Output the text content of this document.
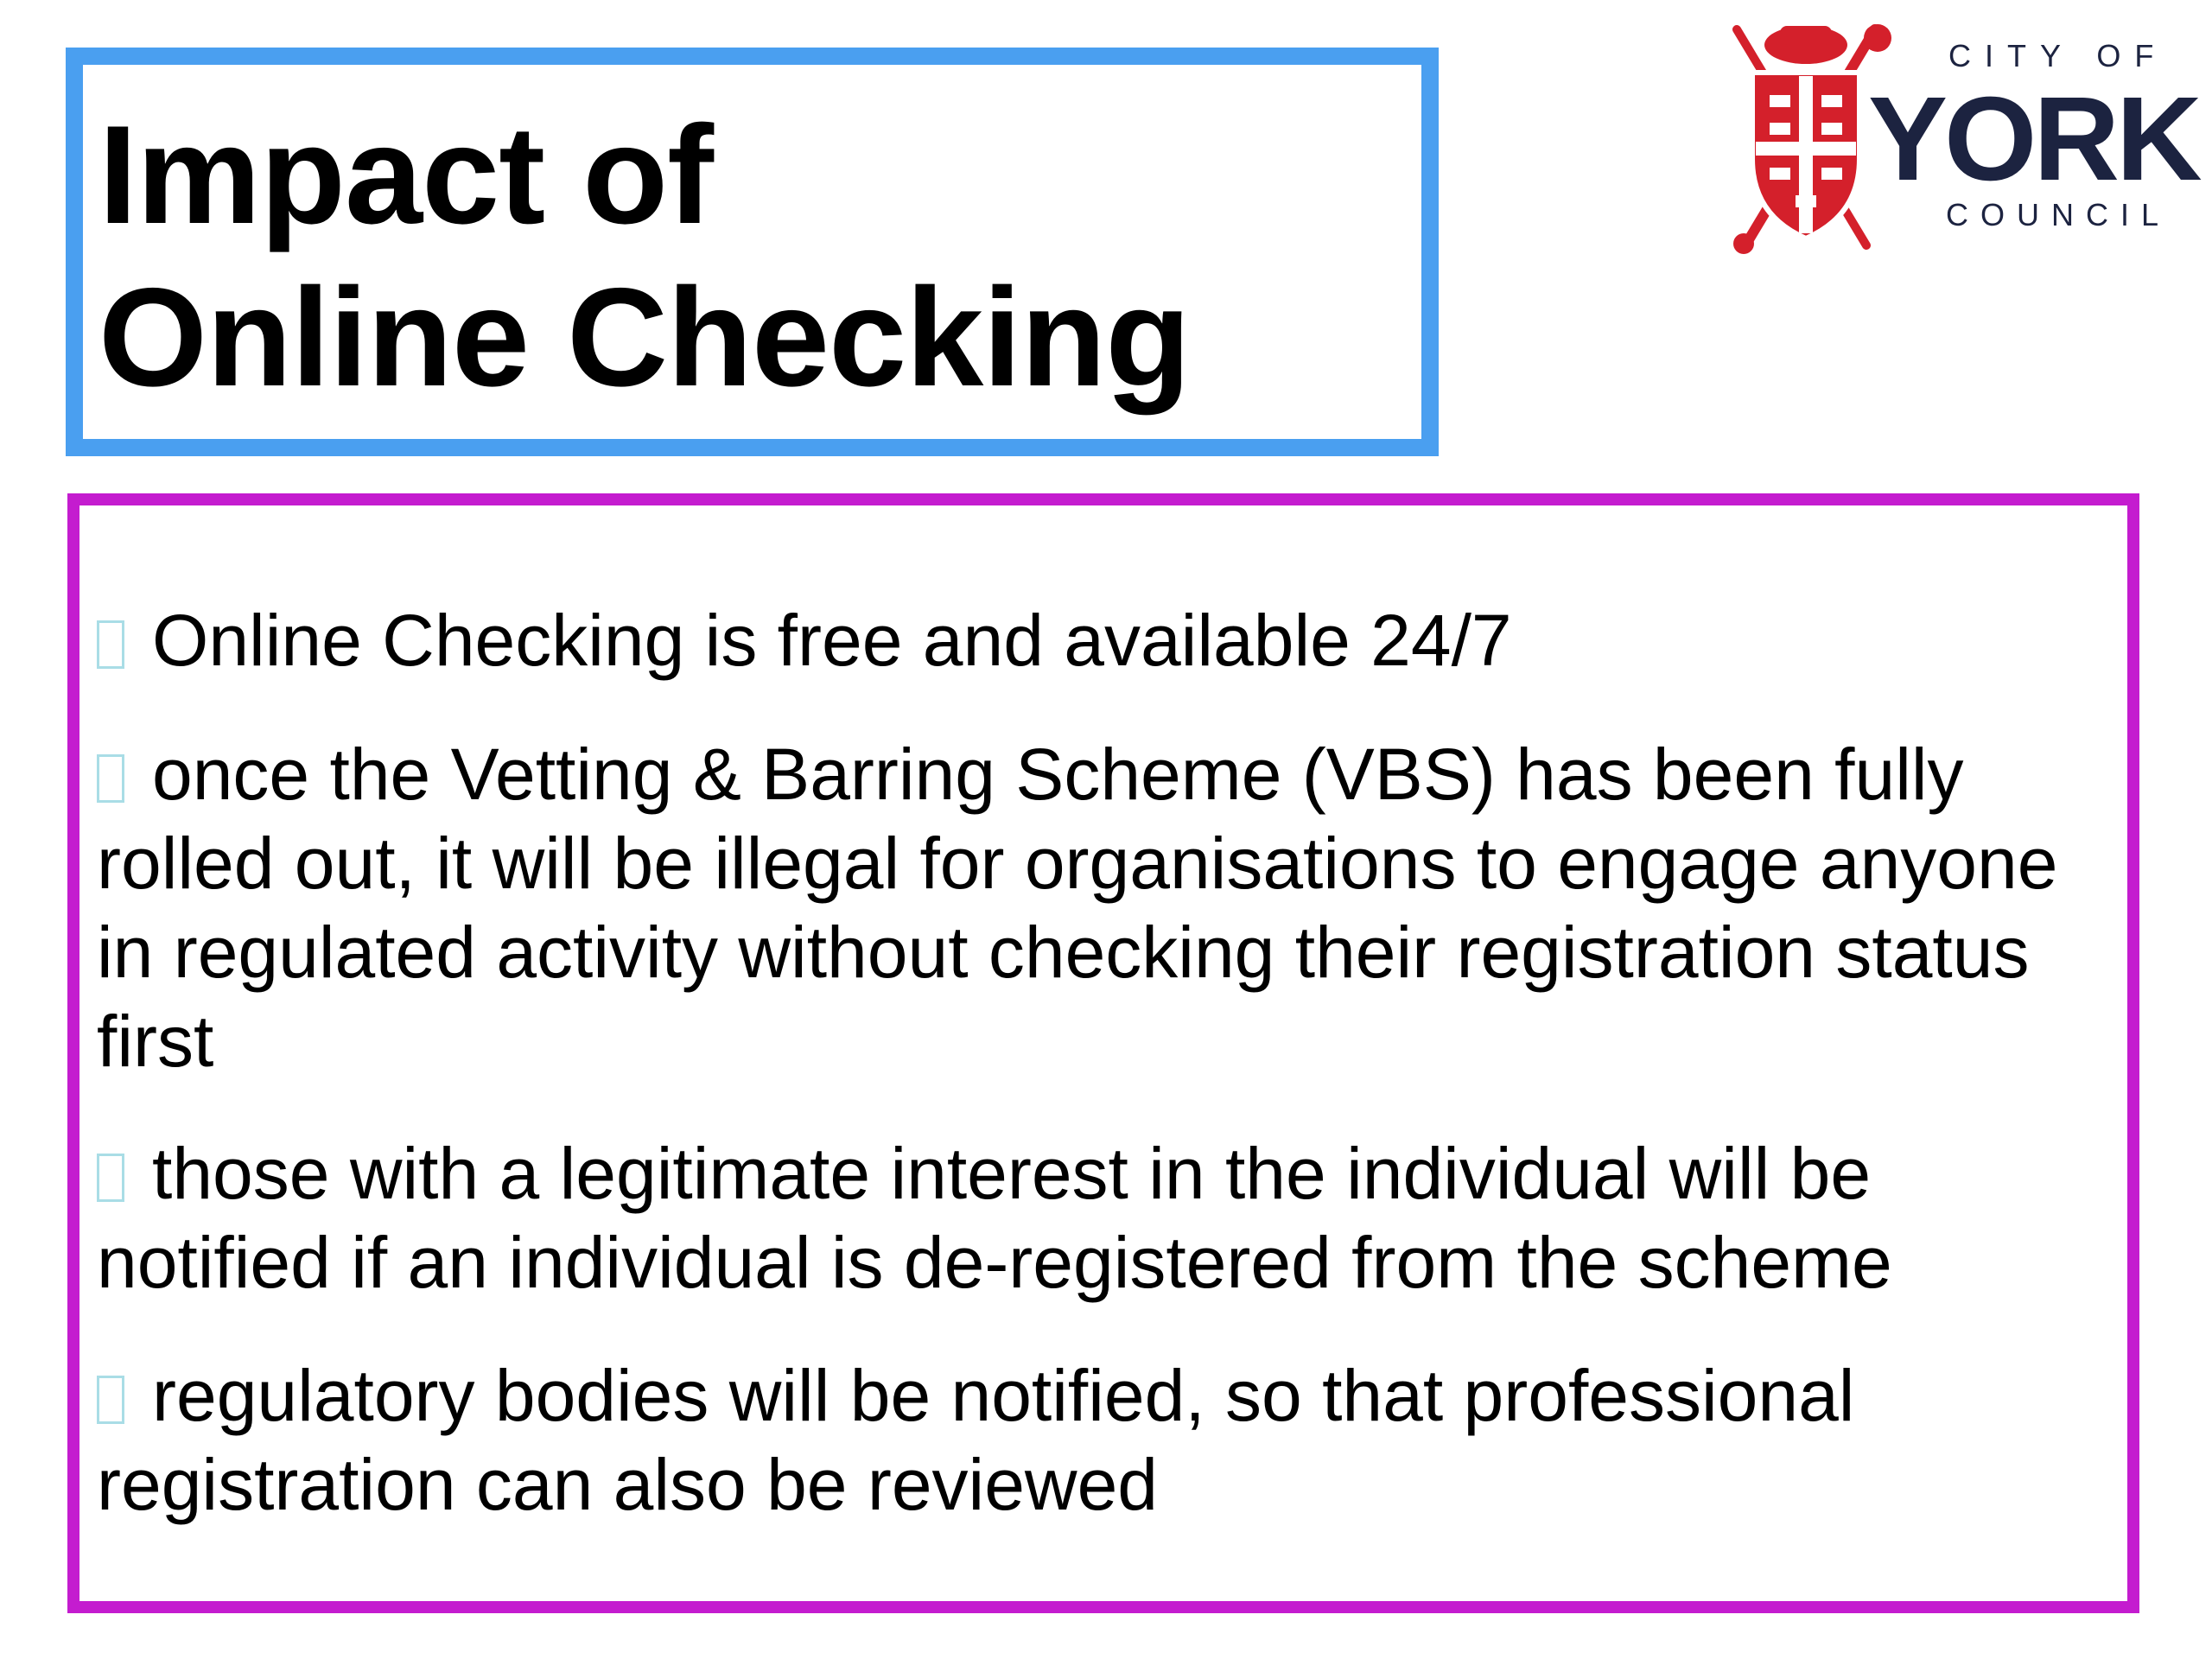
Impact of
Online Checking
CITY OF
YORK
COUNCIL
Online Checking is free and available 24/7
once the Vetting & Barring Scheme (VBS) has been fully rolled out, it will be illegal for organisations to engage anyone in regulated activity without checking their registration status first
those with a legitimate interest in the individual will be notified if an individual is de-registered from the scheme
regulatory bodies will be notified, so that professional registration can also be reviewed
